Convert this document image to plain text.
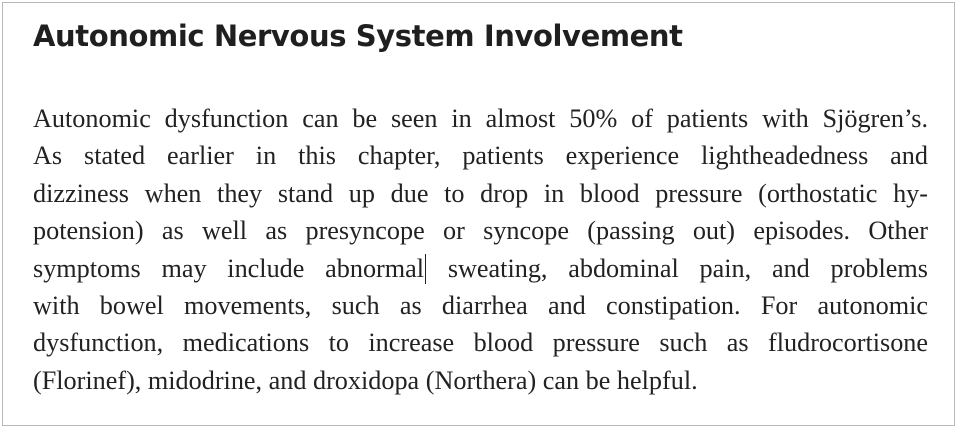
Autonomic Nervous System Involvement
Autonomic dysfunction can be seen in almost 50% of patients with Sjögren’s.
As stated earlier in this chapter, patients experience lightheadedness and
dizziness when they stand up due to drop in blood pressure (orthostatic hy-
potension) as well as presyncope or syncope (passing out) episodes. Other
symptoms may include abnormal sweating, abdominal pain, and problems
with bowel movements, such as diarrhea and constipation. For autonomic
dysfunction, medications to increase blood pressure such as fludrocortisone
(Florinef), midodrine, and droxidopa (Northera) can be helpful.
